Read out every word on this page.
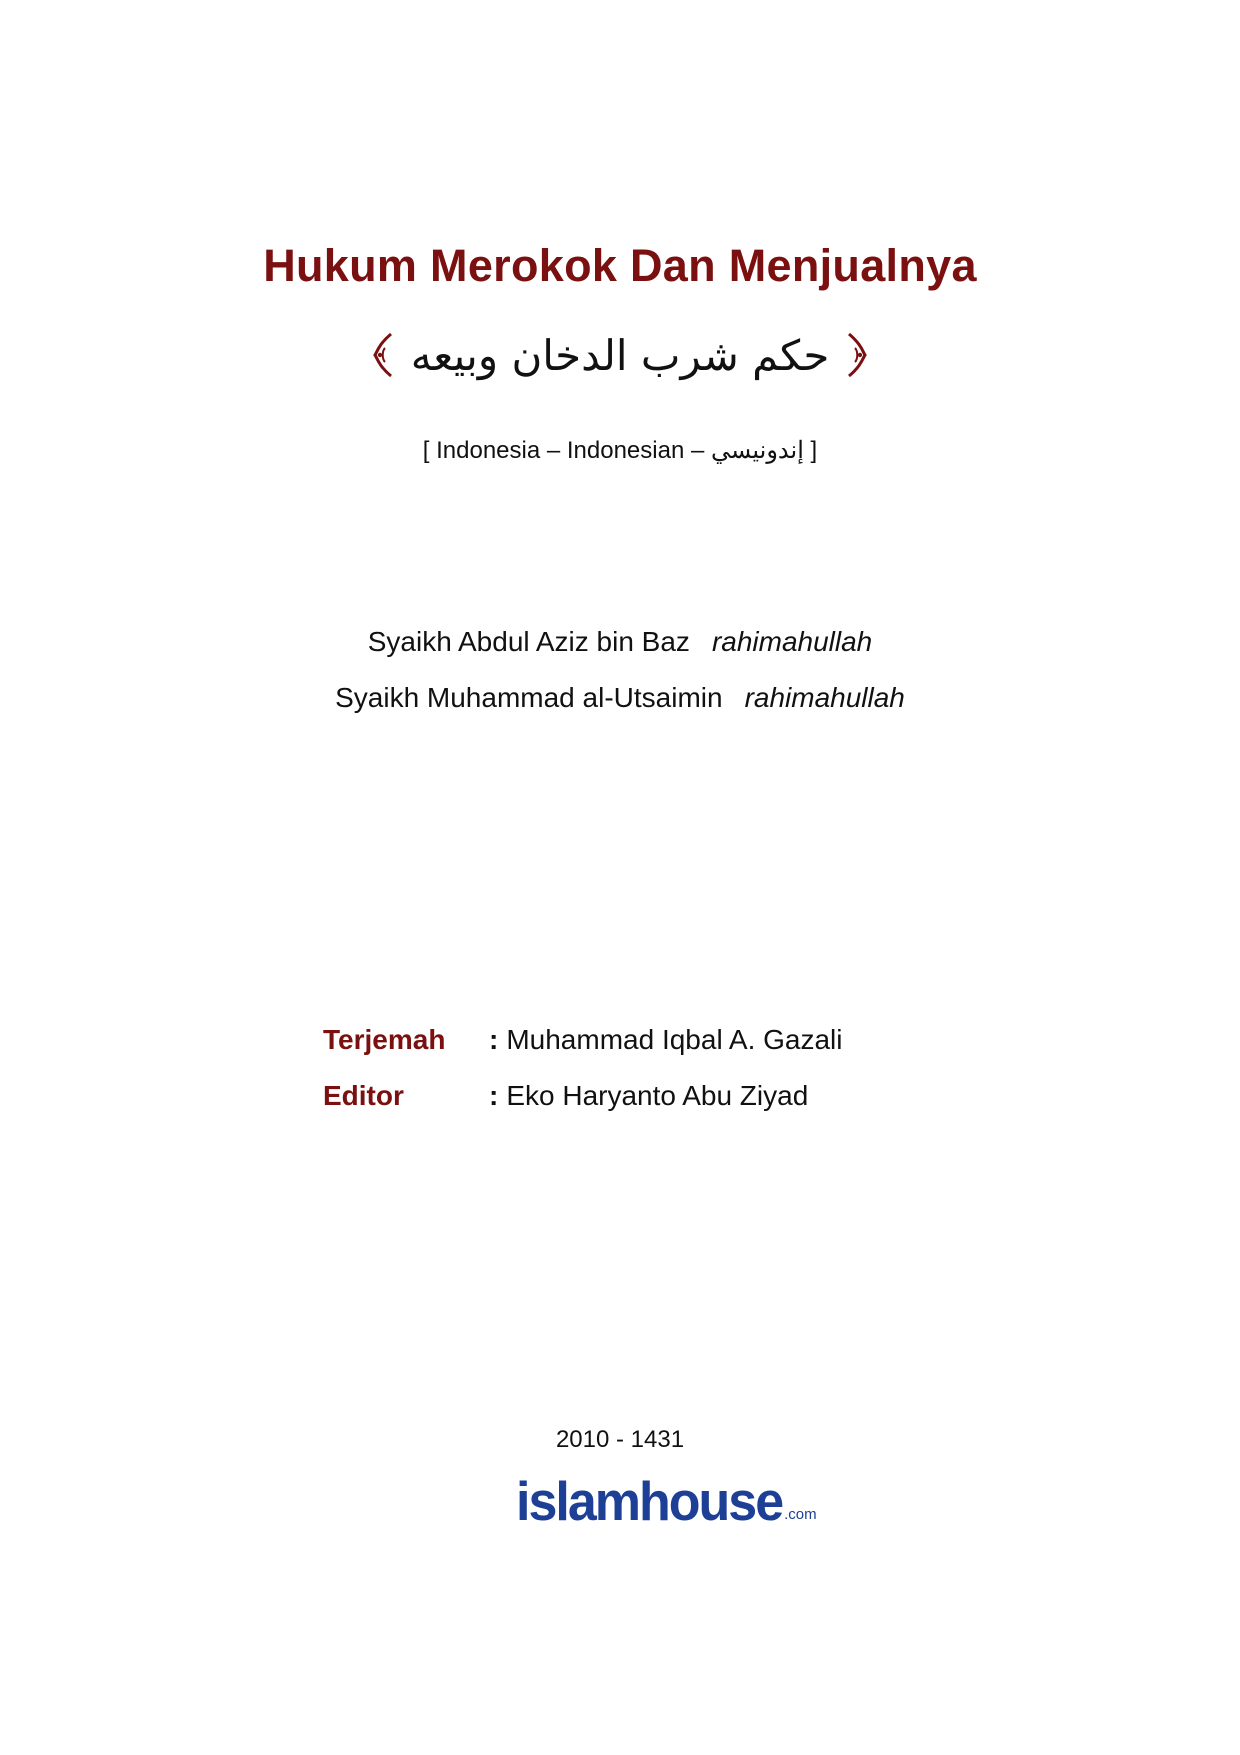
Hukum Merokok Dan Menjualnya
حكم شرب الدخان وبيعه
[ Indonesia – Indonesian – إندونيسي ]
Syaikh Abdul Aziz bin Baz rahimahullah
Syaikh Muhammad al-Utsaimin rahimahullah
Terjemah	: Muhammad Iqbal A. Gazali
Editor	: Eko Haryanto Abu Ziyad
2010 - 1431
islamhouse .com
